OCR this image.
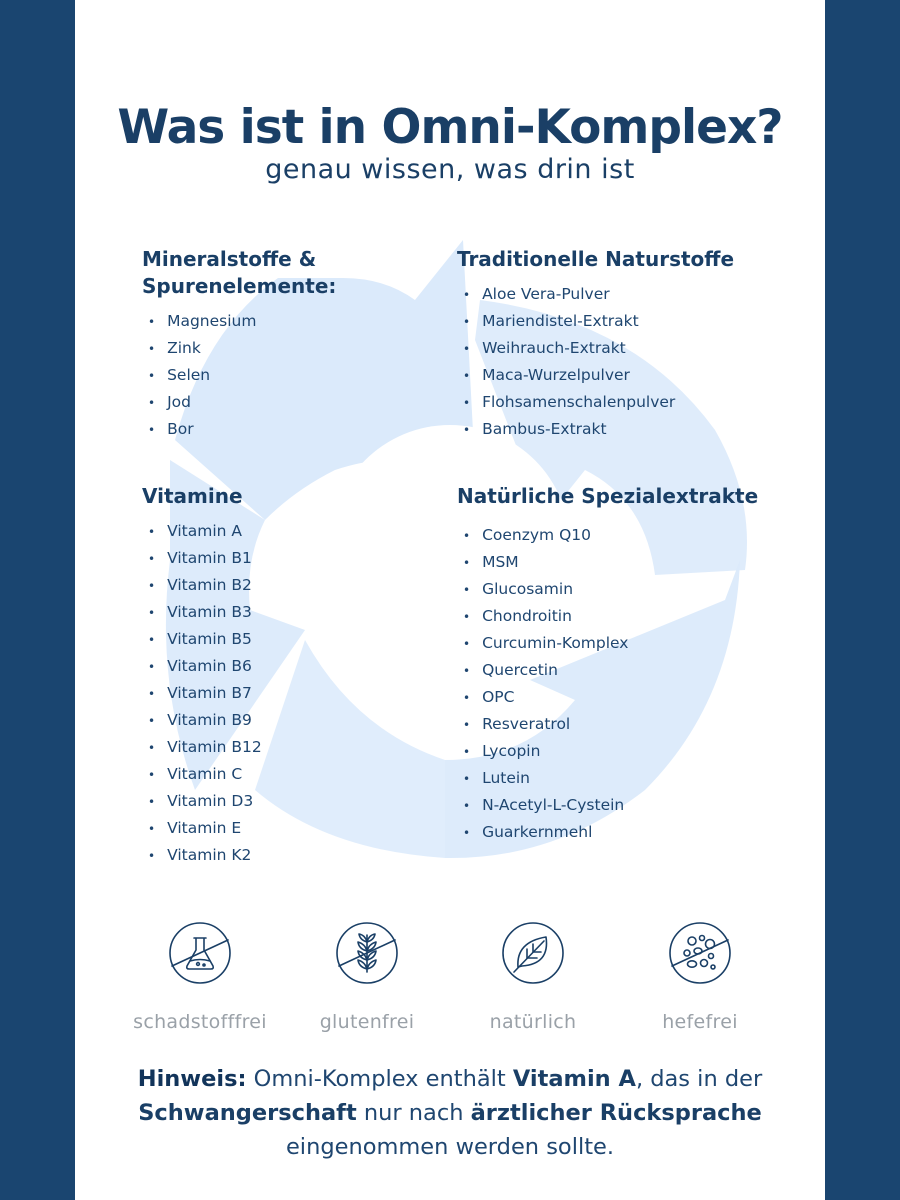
Was ist in Omni-Komplex?
genau wissen, was drin ist
Mineralstoffe &
Spurenelemente:
• Magnesium
• Zink
• Selen
• Jod
• Bor
Traditionelle Naturstoffe
• Aloe Vera-Pulver
• Mariendistel-Extrakt
• Weihrauch-Extrakt
• Maca-Wurzelpulver
• Flohsamenschalenpulver
• Bambus-Extrakt
Vitamine
• Vitamin A
• Vitamin B1
• Vitamin B2
• Vitamin B3
• Vitamin B5
• Vitamin B6
• Vitamin B7
• Vitamin B9
• Vitamin B12
• Vitamin C
• Vitamin D3
• Vitamin E
• Vitamin K2
Natürliche Spezialextrakte
• Coenzym Q10
• MSM
• Glucosamin
• Chondroitin
• Curcumin-Komplex
• Quercetin
• OPC
• Resveratrol
• Lycopin
• Lutein
• N-Acetyl-L-Cystein
• Guarkernmehl
schadstofffrei	glutenfrei	natürlich	hefefrei
Hinweis: Omni-Komplex enthält Vitamin A, das in der
Schwangerschaft nur nach ärztlicher Rücksprache
eingenommen werden sollte.
